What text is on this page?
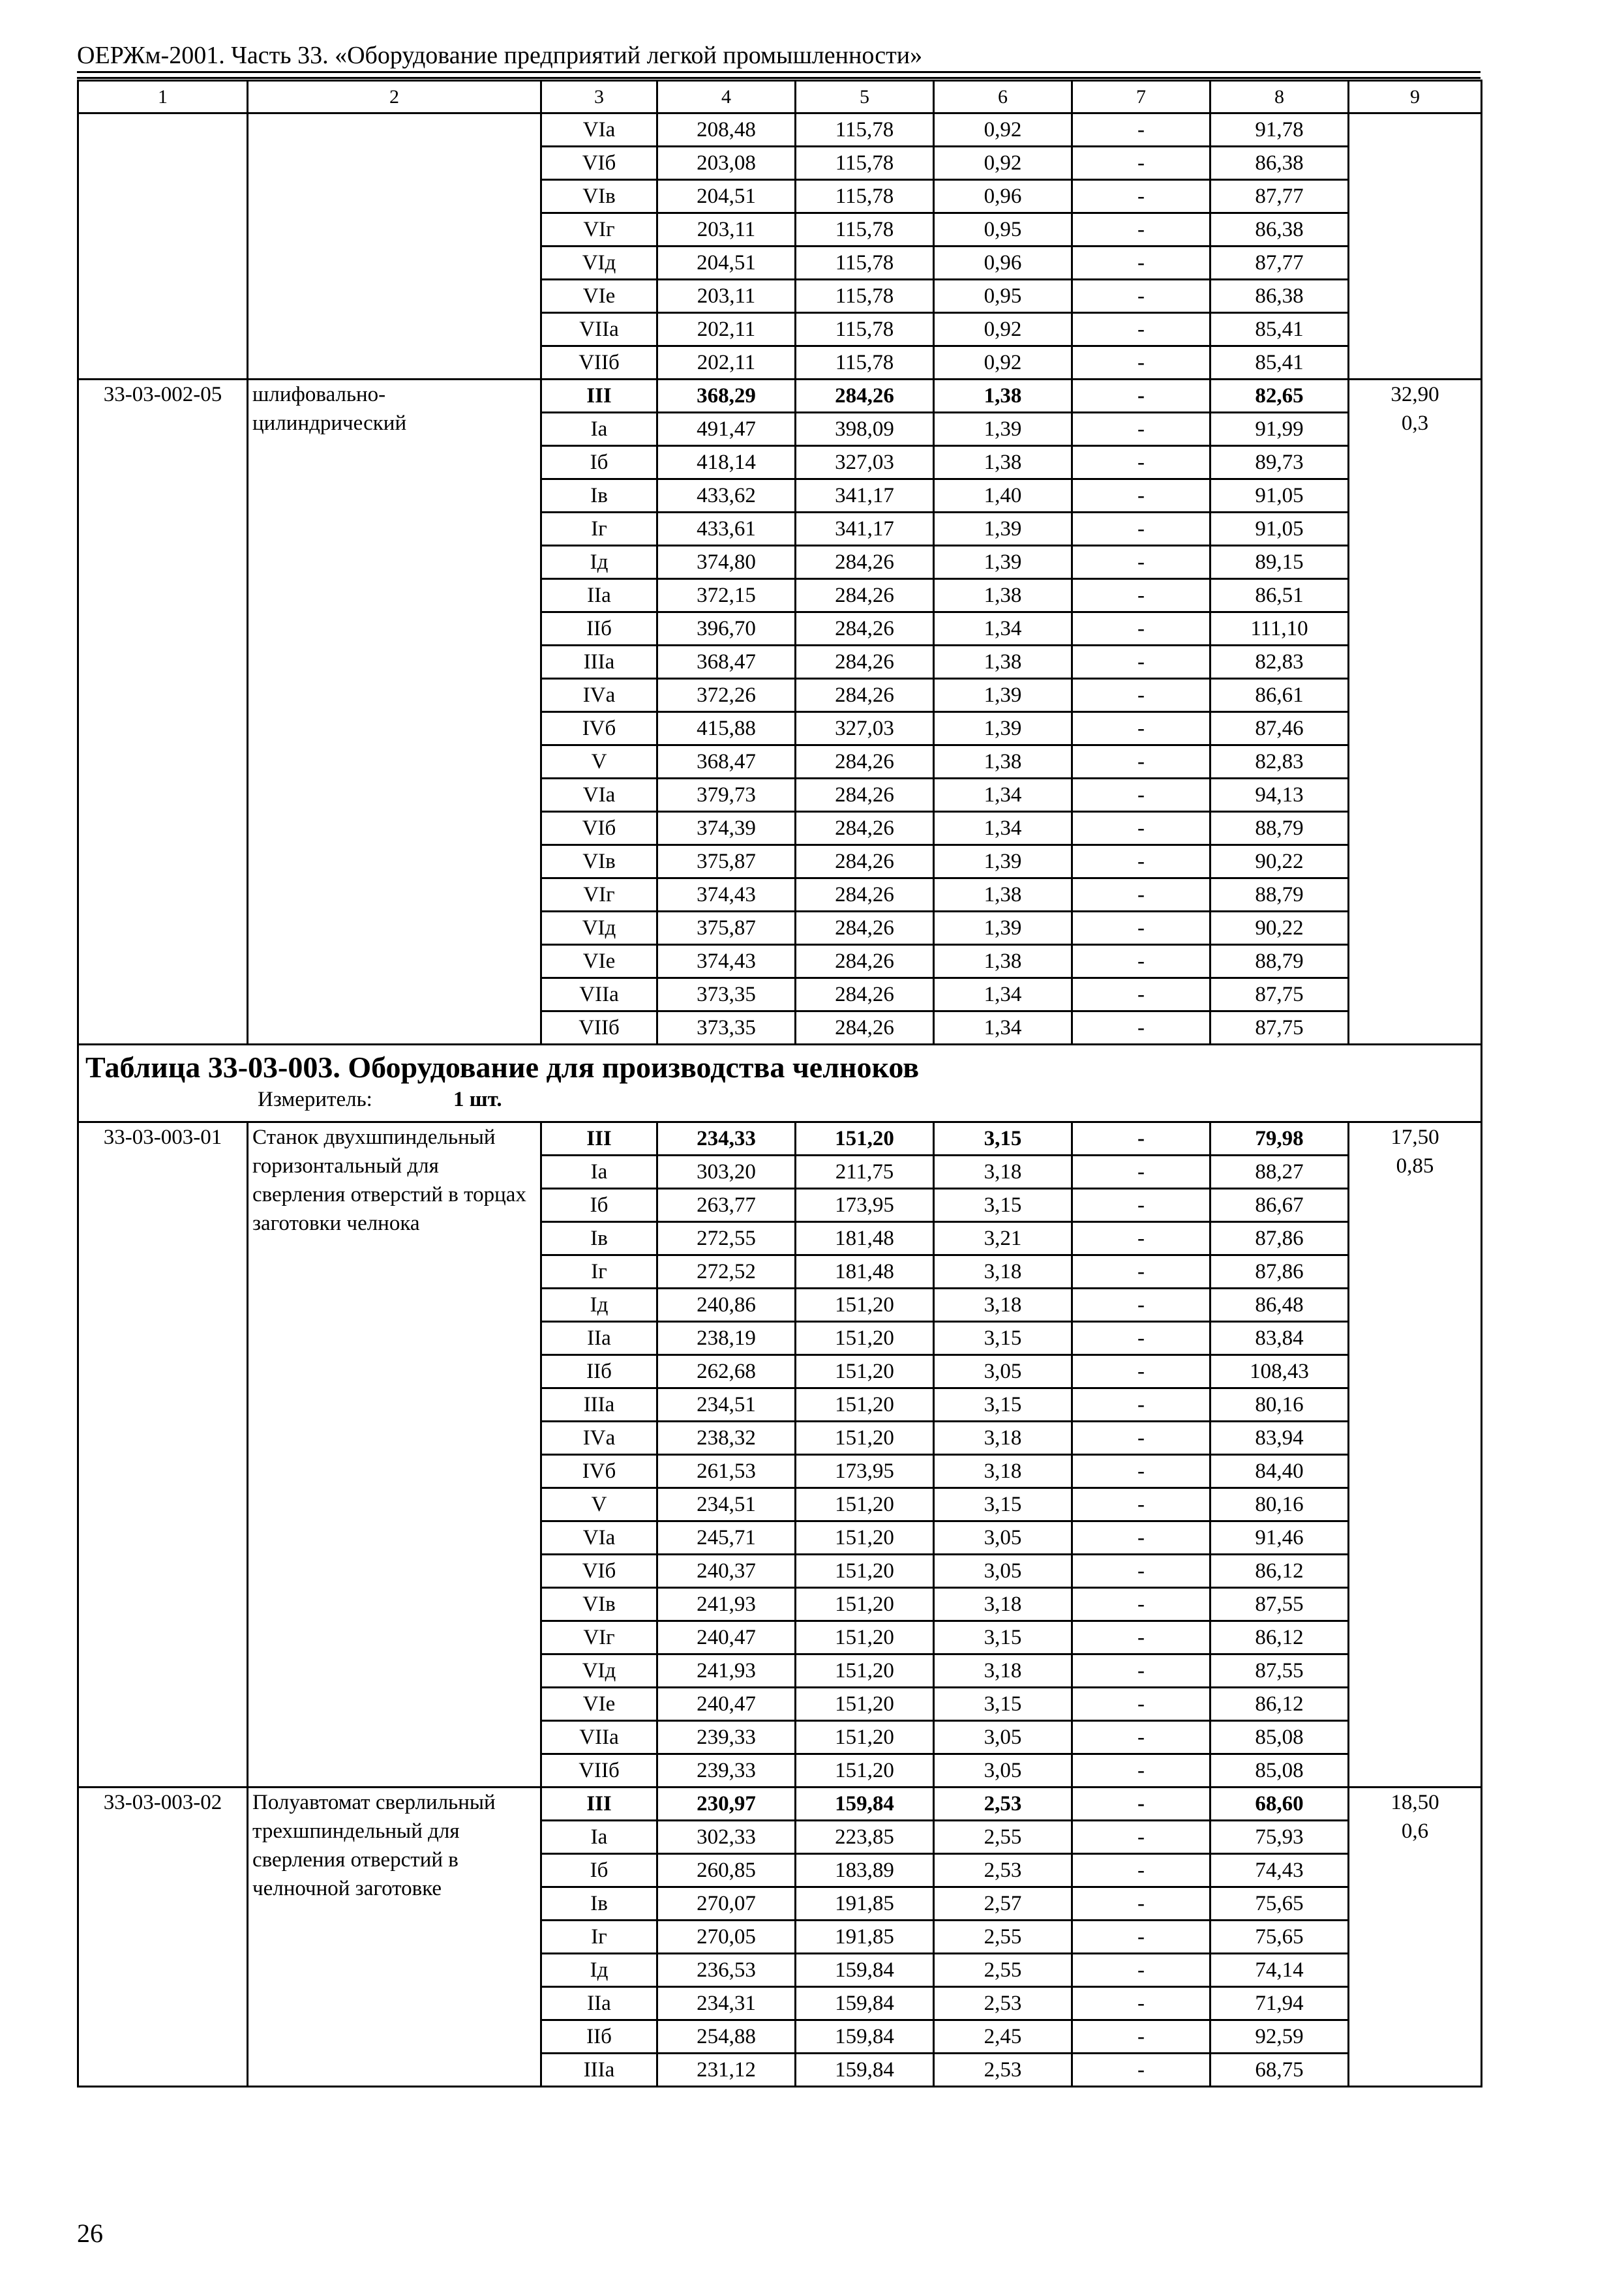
ОЕРЖм-2001. Часть 33. «Оборудование предприятий легкой промышленности»
1	2	3	4	5	6	7	8	9
		VIа	208,48	115,78	0,92	-	91,78	
		VIб	203,08	115,78	0,92	-	86,38	
		VIв	204,51	115,78	0,96	-	87,77	
		VIг	203,11	115,78	0,95	-	86,38	
		VIд	204,51	115,78	0,96	-	87,77	
		VIе	203,11	115,78	0,95	-	86,38	
		VIIа	202,11	115,78	0,92	-	85,41	
		VIIб	202,11	115,78	0,92	-	85,41	
33-03-002-05	шлифовально-цилиндрический	III	368,29	284,26	1,38	-	82,65	32,90
0,3

		Iа	491,47	398,09	1,39	-	91,99	
		Iб	418,14	327,03	1,38	-	89,73	
		Iв	433,62	341,17	1,40	-	91,05	
		Iг	433,61	341,17	1,39	-	91,05	
		Iд	374,80	284,26	1,39	-	89,15	
		IIа	372,15	284,26	1,38	-	86,51	
		IIб	396,70	284,26	1,34	-	111,10	
		IIIа	368,47	284,26	1,38	-	82,83	
		IVа	372,26	284,26	1,39	-	86,61	
		IVб	415,88	327,03	1,39	-	87,46	
		V	368,47	284,26	1,38	-	82,83	
		VIа	379,73	284,26	1,34	-	94,13	
		VIб	374,39	284,26	1,34	-	88,79	
		VIв	375,87	284,26	1,39	-	90,22	
		VIг	374,43	284,26	1,38	-	88,79	
		VIд	375,87	284,26	1,39	-	90,22	
		VIе	374,43	284,26	1,38	-	88,79	
		VIIа	373,35	284,26	1,34	-	87,75	
		VIIб	373,35	284,26	1,34	-	87,75	

Таблица 33-03-003. Оборудование для производства челноков
Измеритель: 1 шт.								

33-03-003-01	Станок двухшпиндельный горизонтальный для сверления отверстий в торцах заготовки челнока	III	234,33	151,20	3,15	-	79,98	17,50
0,85

		Iа	303,20	211,75	3,18	-	88,27	
		Iб	263,77	173,95	3,15	-	86,67	
		Iв	272,55	181,48	3,21	-	87,86	
		Iг	272,52	181,48	3,18	-	87,86	
		Iд	240,86	151,20	3,18	-	86,48	
		IIа	238,19	151,20	3,15	-	83,84	
		IIб	262,68	151,20	3,05	-	108,43	
		IIIа	234,51	151,20	3,15	-	80,16	
		IVа	238,32	151,20	3,18	-	83,94	
		IVб	261,53	173,95	3,18	-	84,40	
		V	234,51	151,20	3,15	-	80,16	
		VIа	245,71	151,20	3,05	-	91,46	
		VIб	240,37	151,20	3,05	-	86,12	
		VIв	241,93	151,20	3,18	-	87,55	
		VIг	240,47	151,20	3,15	-	86,12	
		VIд	241,93	151,20	3,18	-	87,55	
		VIе	240,47	151,20	3,15	-	86,12	
		VIIа	239,33	151,20	3,05	-	85,08	
		VIIб	239,33	151,20	3,05	-	85,08	
33-03-003-02	Полуавтомат сверлильный трехшпиндельный для сверления отверстий в челночной заготовке	III	230,97	159,84	2,53	-	68,60	18,50
0,6

		Iа	302,33	223,85	2,55	-	75,93	
		Iб	260,85	183,89	2,53	-	74,43	
		Iв	270,07	191,85	2,57	-	75,65	
		Iг	270,05	191,85	2,55	-	75,65	
		Iд	236,53	159,84	2,55	-	74,14	
		IIа	234,31	159,84	2,53	-	71,94	
		IIб	254,88	159,84	2,45	-	92,59	
		IIIа	231,12	159,84	2,53	-	68,75	
26
